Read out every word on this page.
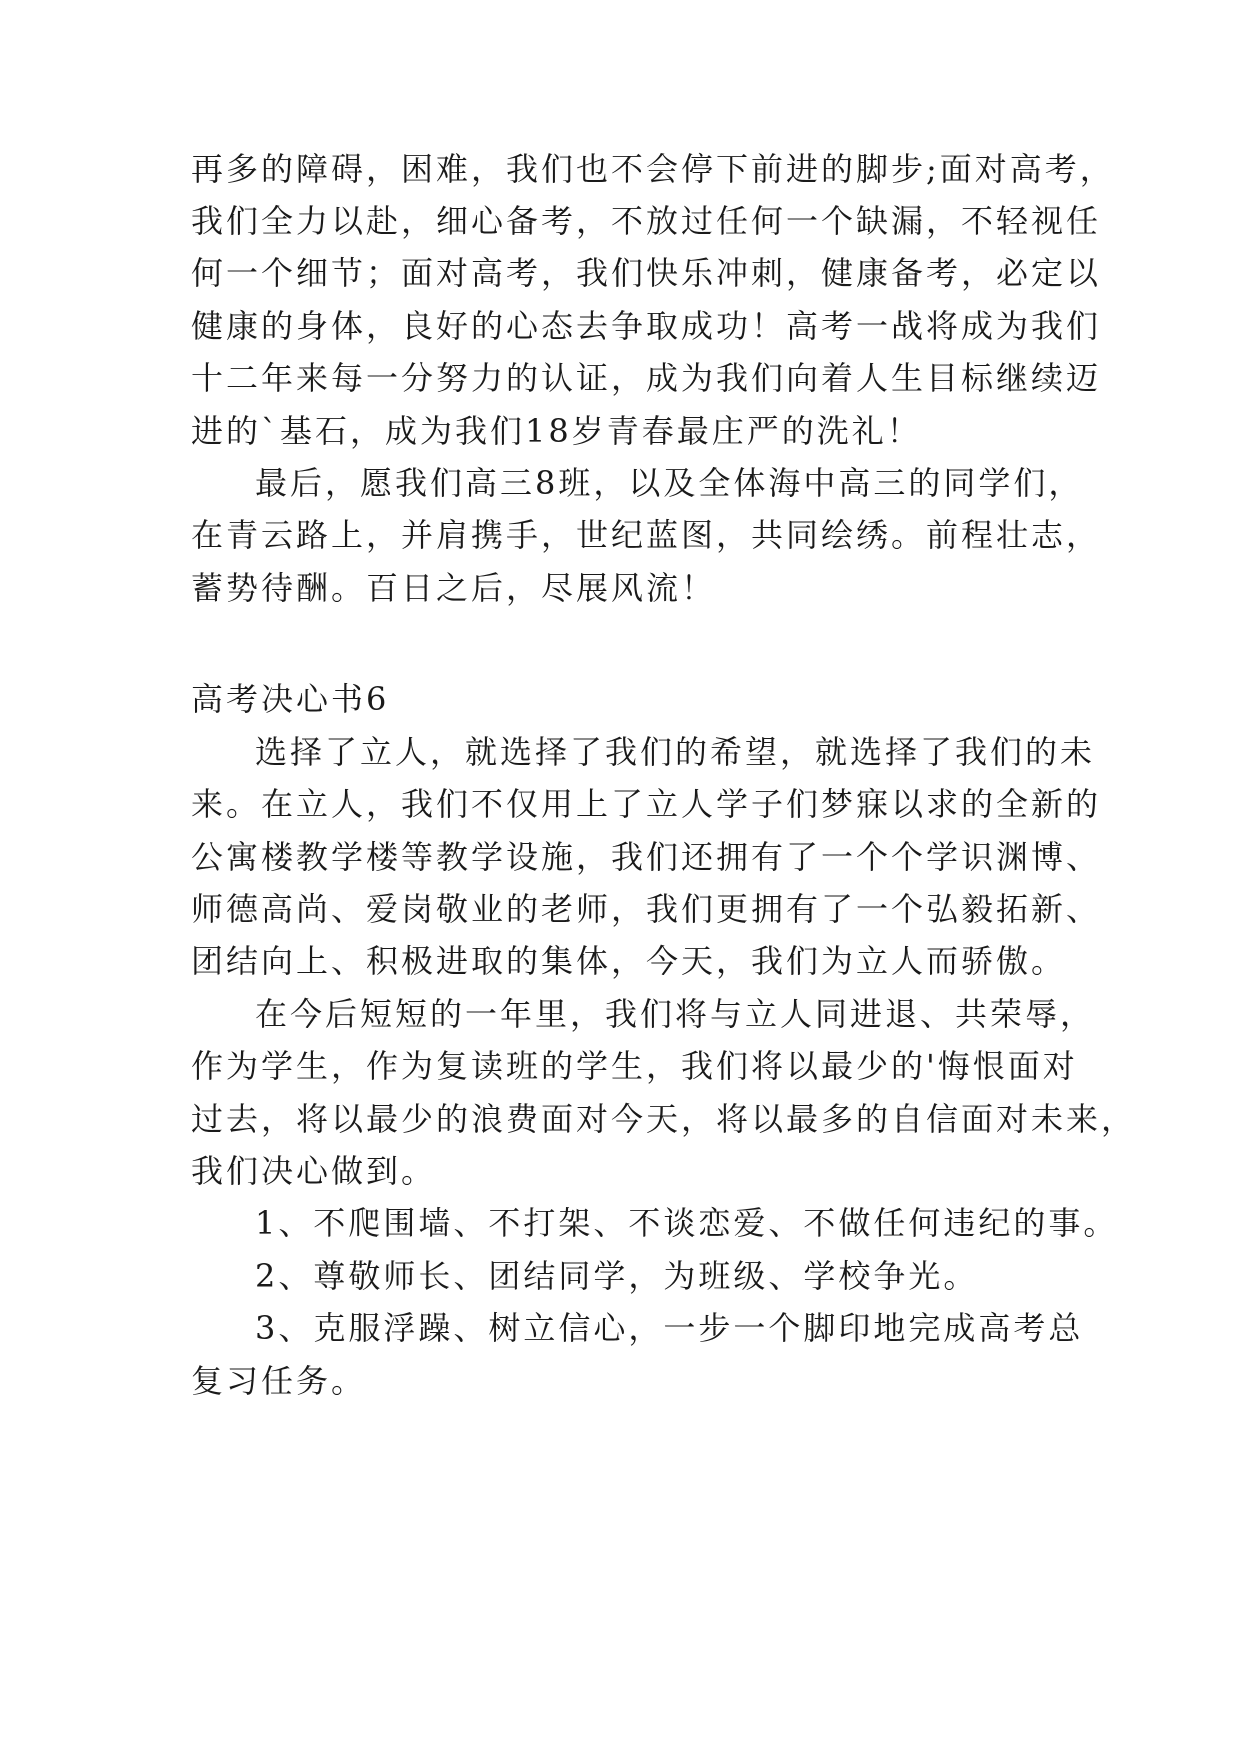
再多的障碍，困难，我们也不会停下前进的脚步;面对高考，
我们全力以赴，细心备考，不放过任何一个缺漏，不轻视任
何一个细节；面对高考，我们快乐冲刺，健康备考，必定以
健康的身体，良好的心态去争取成功！高考一战将成为我们
十二年来每一分努力的认证，成为我们向着人生目标继续迈
进的`基石，成为我们18岁青春最庄严的洗礼！
最后，愿我们高三8班，以及全体海中高三的同学们，
在青云路上，并肩携手，世纪蓝图，共同绘绣。前程壮志，
蓄势待酬。百日之后，尽展风流！
高考决心书6
选择了立人，就选择了我们的希望，就选择了我们的未
来。在立人，我们不仅用上了立人学子们梦寐以求的全新的
公寓楼教学楼等教学设施，我们还拥有了一个个学识渊博、
师德高尚、爱岗敬业的老师，我们更拥有了一个弘毅拓新、
团结向上、积极进取的集体，今天，我们为立人而骄傲。
在今后短短的一年里，我们将与立人同进退、共荣辱，
作为学生，作为复读班的学生，我们将以最少的'悔恨面对
过去，将以最少的浪费面对今天，将以最多的自信面对未来，
我们决心做到。
1、不爬围墙、不打架、不谈恋爱、不做任何违纪的事。
2、尊敬师长、团结同学，为班级、学校争光。
3、克服浮躁、树立信心，一步一个脚印地完成高考总
复习任务。
